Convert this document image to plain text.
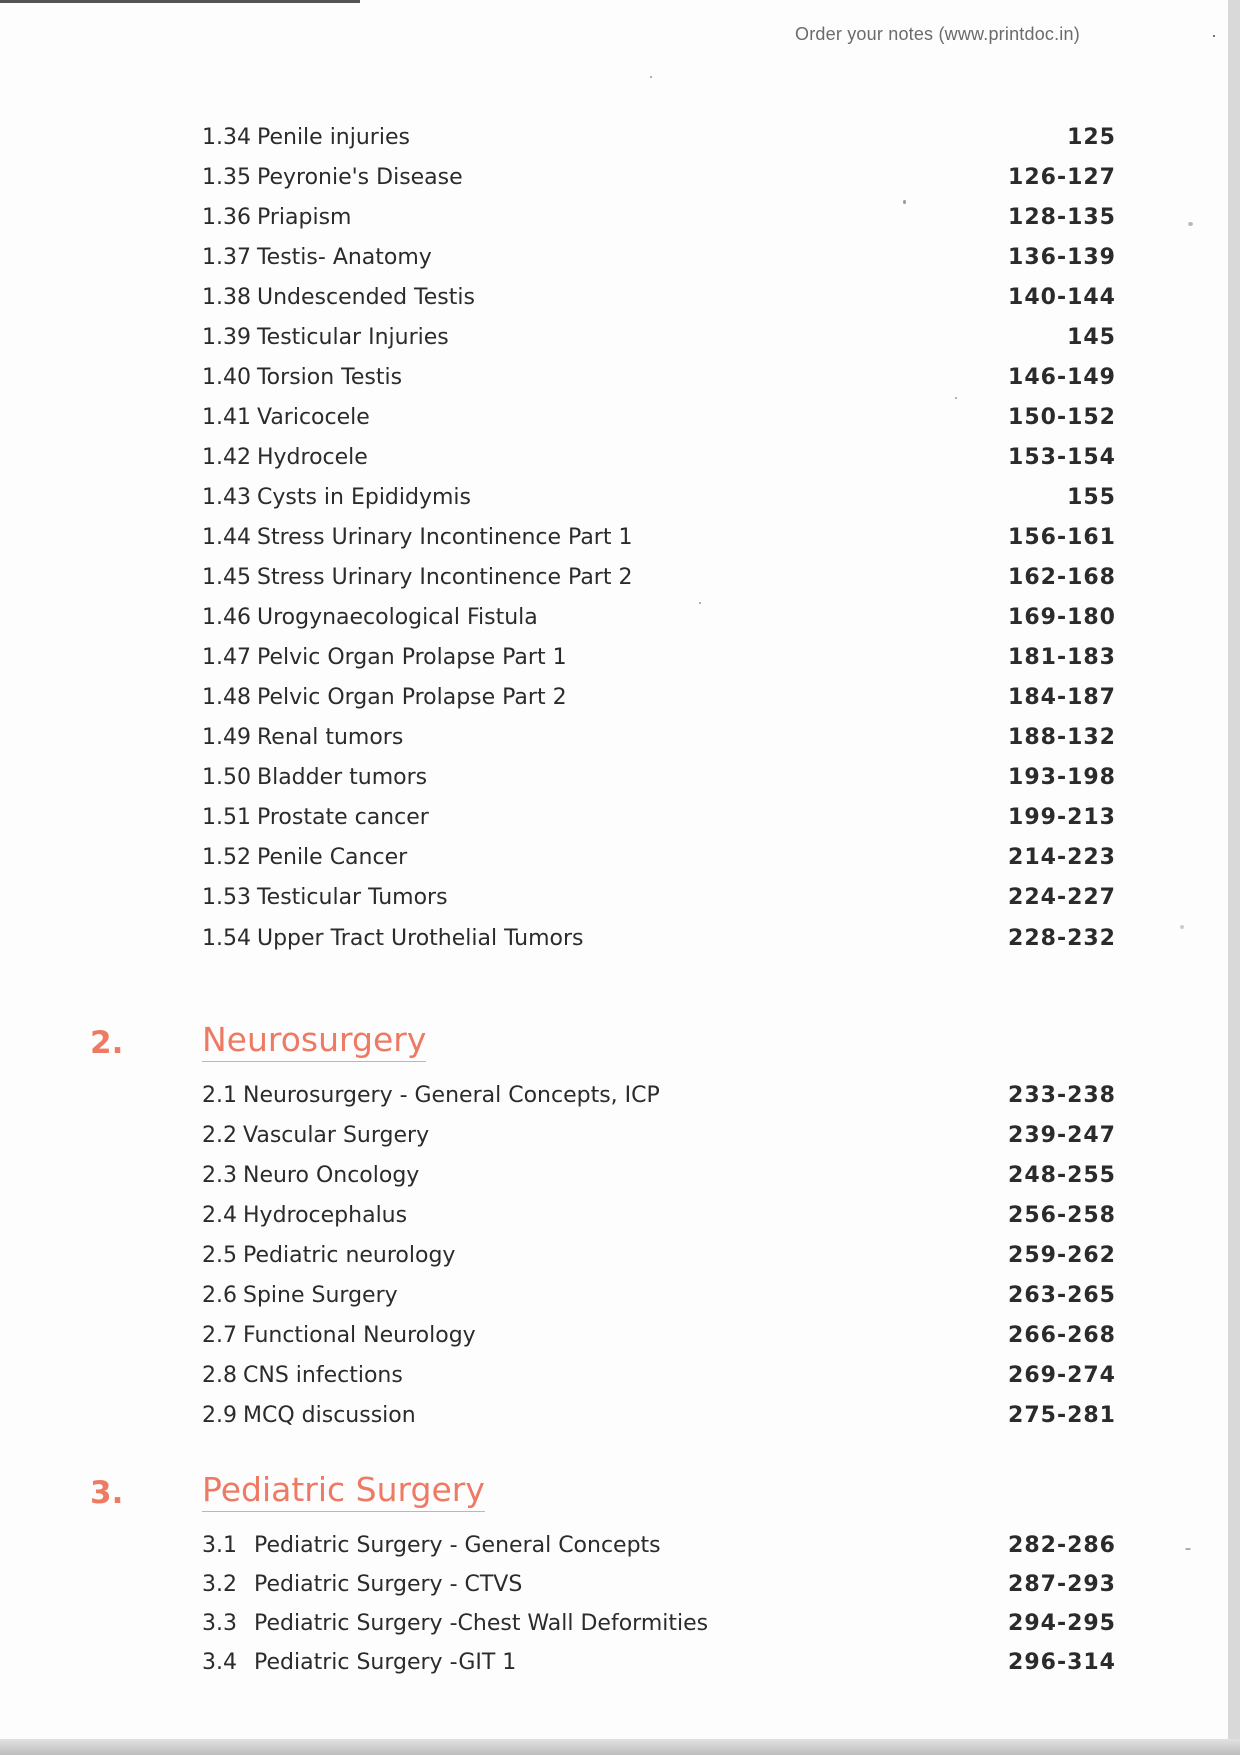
Order your notes (www.printdoc.in)
1.34 Penile injuries	125
1.35 Peyronie's Disease	126-127
1.36 Priapism	128-135
1.37 Testis- Anatomy	136-139
1.38 Undescended Testis	140-144
1.39 Testicular Injuries	145
1.40 Torsion Testis	146-149
1.41 Varicocele	150-152
1.42 Hydrocele	153-154
1.43 Cysts in Epididymis	155
1.44 Stress Urinary Incontinence Part 1	156-161
1.45 Stress Urinary Incontinence Part 2	162-168
1.46 Urogynaecological Fistula	169-180
1.47 Pelvic Organ Prolapse Part 1	181-183
1.48 Pelvic Organ Prolapse Part 2	184-187
1.49 Renal tumors	188-132
1.50 Bladder tumors	193-198
1.51 Prostate cancer	199-213
1.52 Penile Cancer	214-223
1.53 Testicular Tumors	224-227
1.54 Upper Tract Urothelial Tumors	228-232
2. Neurosurgery
2.1 Neurosurgery - General Concepts, ICP	233-238
2.2 Vascular Surgery	239-247
2.3 Neuro Oncology	248-255
2.4 Hydrocephalus	256-258
2.5 Pediatric neurology	259-262
2.6 Spine Surgery	263-265
2.7 Functional Neurology	266-268
2.8 CNS infections	269-274
2.9 MCQ discussion	275-281
3. Pediatric Surgery
3.1 Pediatric Surgery - General Concepts	282-286
3.2 Pediatric Surgery - CTVS	287-293
3.3 Pediatric Surgery -Chest Wall Deformities	294-295
3.4 Pediatric Surgery -GIT 1	296-314
